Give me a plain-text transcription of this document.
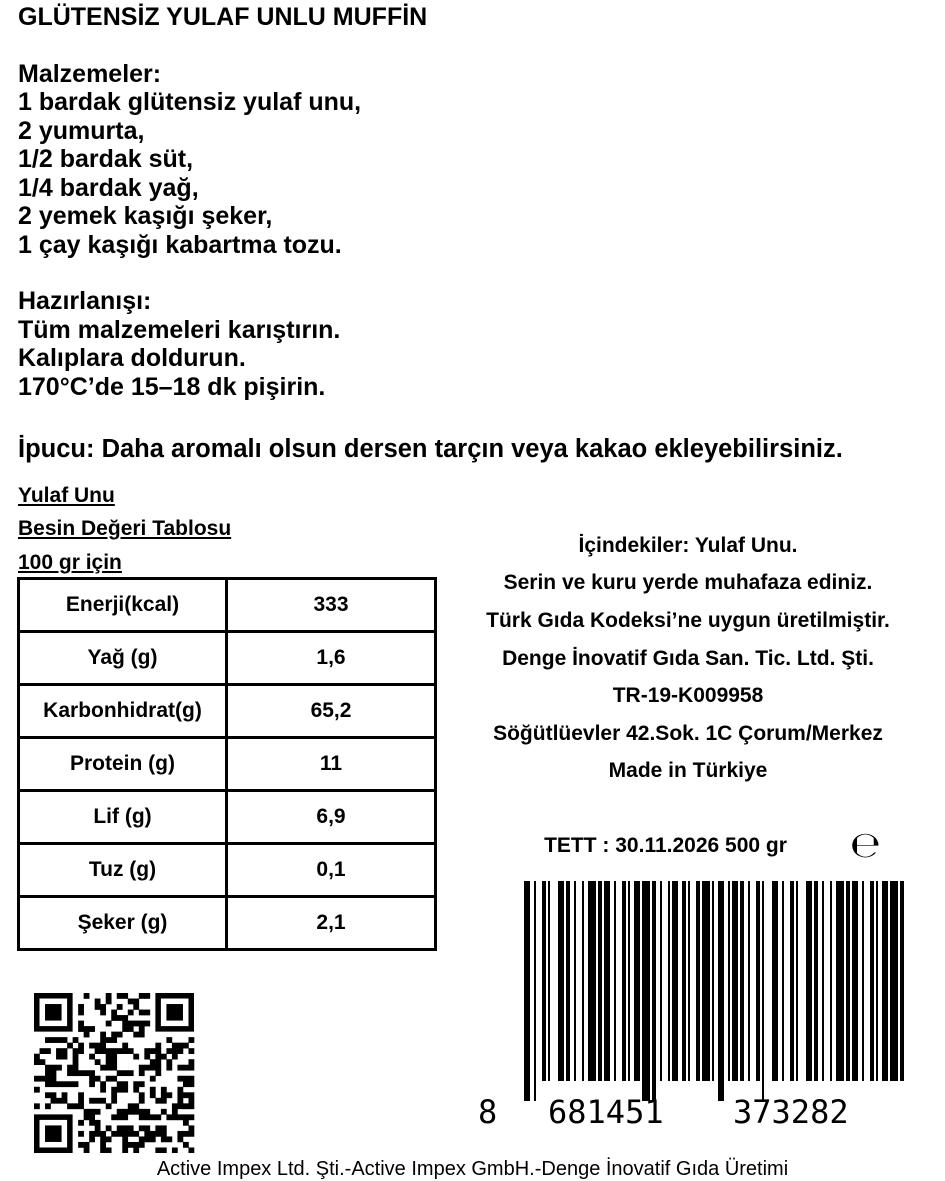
GLÜTENSİZ YULAF UNLU MUFFİN
Malzemeler:
1 bardak glütensiz yulaf unu,
2 yumurta,
1/2 bardak süt,
1/4 bardak yağ,
2 yemek kaşığı şeker,
1 çay kaşığı kabartma tozu.
Hazırlanışı:
Tüm malzemeleri karıştırın.
Kalıplara doldurun.
170°C’de 15–18 dk pişirin.
İpucu: Daha aromalı olsun dersen tarçın veya kakao ekleyebilirsiniz.
Yulaf Unu
Besin Değeri Tablosu
100 gr için
Enerji(kcal)	333
Yağ (g)	1,6
Karbonhidrat(g)	65,2
Protein (g)	11
Lif (g)	6,9
Tuz (g)	0,1
Şeker (g)	2,1
İçindekiler: Yulaf Unu.
Serin ve kuru yerde muhafaza ediniz.
Türk Gıda Kodeksi’ne uygun üretilmiştir.
Denge İnovatif Gıda San. Tic. Ltd. Şti.
TR-19-K009958
Söğütlüevler 42.Sok. 1C Çorum/Merkez
Made in Türkiye
TETT : 30.11.2026 500 gr	℮
8 681451 373282
Active Impex Ltd. Şti.-Active Impex GmbH.-Denge İnovatif Gıda Üretimi
